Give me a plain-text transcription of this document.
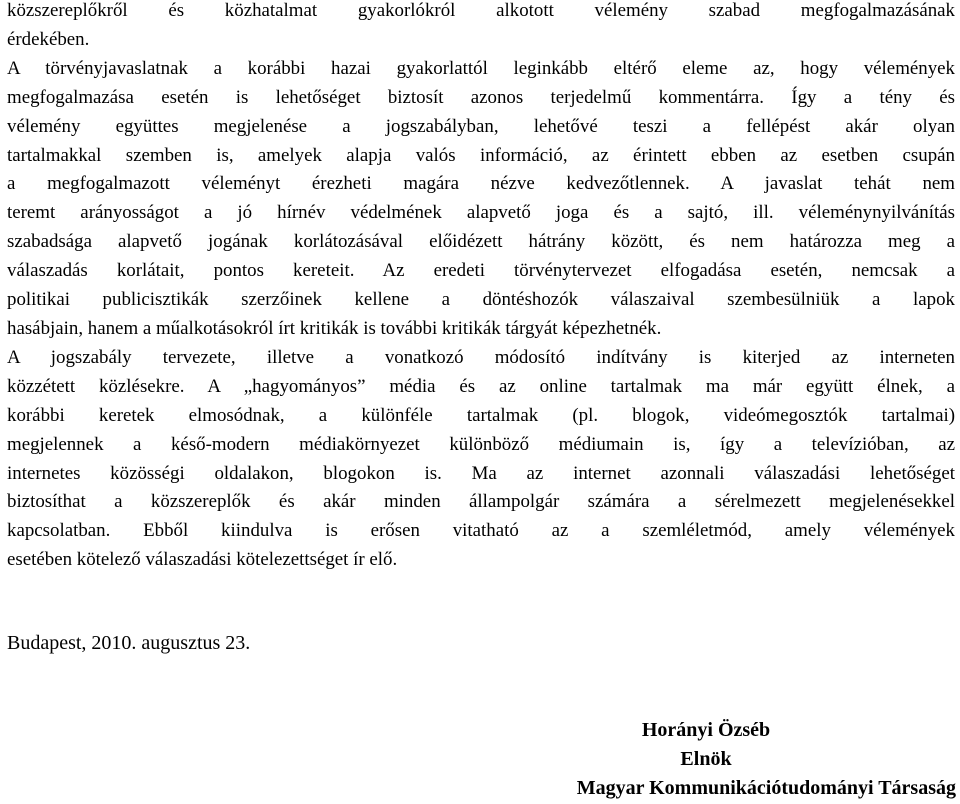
közszereplőkről és közhatalmat gyakorlókról alkotott vélemény szabad megfogalmazásának
érdekében.
A törvényjavaslatnak a korábbi hazai gyakorlattól leginkább eltérő eleme az, hogy vélemények
megfogalmazása esetén is lehetőséget biztosít azonos terjedelmű kommentárra. Így a tény és
vélemény együttes megjelenése a jogszabályban, lehetővé teszi a fellépést akár olyan
tartalmakkal szemben is, amelyek alapja valós információ, az érintett ebben az esetben csupán
a megfogalmazott véleményt érezheti magára nézve kedvezőtlennek. A javaslat tehát nem
teremt arányosságot a jó hírnév védelmének alapvető joga és a sajtó, ill. véleménynyilvánítás
szabadsága alapvető jogának korlátozásával előidézett hátrány között, és nem határozza meg a
válaszadás korlátait, pontos kereteit. Az eredeti törvénytervezet elfogadása esetén, nemcsak a
politikai publicisztikák szerzőinek kellene a döntéshozók válaszaival szembesülniük a lapok
hasábjain, hanem a műalkotásokról írt kritikák is további kritikák tárgyát képezhetnék.
A jogszabály tervezete, illetve a vonatkozó módosító indítvány is kiterjed az interneten
közzétett közlésekre. A „hagyományos” média és az online tartalmak ma már együtt élnek, a
korábbi keretek elmosódnak, a különféle tartalmak (pl. blogok, videómegosztók tartalmai)
megjelennek a késő-modern médiakörnyezet különböző médiumain is, így a televízióban, az
internetes közösségi oldalakon, blogokon is. Ma az internet azonnali válaszadási lehetőséget
biztosíthat a közszereplők és akár minden állampolgár számára a sérelmezett megjelenésekkel
kapcsolatban. Ebből kiindulva is erősen vitatható az a szemléletmód, amely vélemények
esetében kötelező válaszadási kötelezettséget ír elő.

Budapest, 2010. augusztus 23.

Horányi Özséb
Elnök
Magyar Kommunikációtudományi Társaság
